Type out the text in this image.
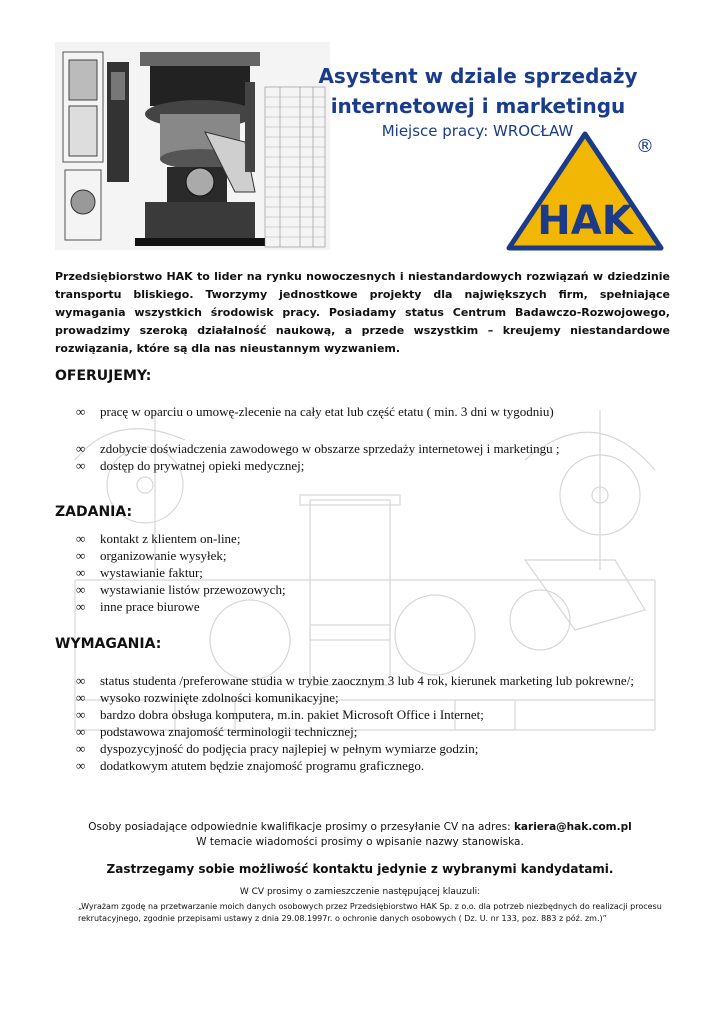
Asystent w dziale sprzedaży
internetowej i marketingu
Miejsce pracy: WROCŁAW
HAK
®
Przedsiębiorstwo HAK to lider na rynku nowoczesnych i niestandardowych rozwiązań w dziedzinie transportu bliskiego. Tworzymy jednostkowe projekty dla największych firm, spełniające wymagania wszystkich środowisk pracy. Posiadamy status Centrum Badawczo-Rozwojowego, prowadzimy szeroką działalność naukową, a przede wszystkim – kreujemy niestandardowe rozwiązania, które są dla nas nieustannym wyzwaniem.
OFERUJEMY:
∞	pracę w oparciu o umowę-zlecenie na cały etat lub część etatu ( min. 3 dni w tygodniu)
∞	zdobycie doświadczenia zawodowego w obszarze sprzedaży internetowej i marketingu ;
∞	dostęp do prywatnej opieki medycznej;
ZADANIA:
∞	kontakt z klientem on-line;
∞	organizowanie wysyłek;
∞	wystawianie faktur;
∞	wystawianie listów przewozowych;
∞	inne prace biurowe
WYMAGANIA:
∞	status studenta /preferowane studia w trybie zaocznym 3 lub 4 rok, kierunek marketing lub pokrewne/;
∞	wysoko rozwinięte zdolności komunikacyjne;
∞	bardzo dobra obsługa komputera, m.in. pakiet Microsoft Office i Internet;
∞	podstawowa znajomość terminologii technicznej;
∞	dyspozycyjność do podjęcia pracy najlepiej w pełnym wymiarze godzin;
∞	dodatkowym atutem będzie znajomość programu graficznego.
Osoby posiadające odpowiednie kwalifikacje prosimy o przesyłanie CV na adres: kariera@hak.com.pl
W temacie wiadomości prosimy o wpisanie nazwy stanowiska.
Zastrzegamy sobie możliwość kontaktu jedynie z wybranymi kandydatami.
W CV prosimy o zamieszczenie następującej klauzuli:
„Wyrażam zgodę na przetwarzanie moich danych osobowych przez Przedsiębiorstwo HAK Sp. z o.o. dla potrzeb niezbędnych do realizacji procesu rekrutacyjnego, zgodnie przepisami ustawy z dnia 29.08.1997r. o ochronie danych osobowych ( Dz. U. nr 133, poz. 883 z póź. zm.)”
